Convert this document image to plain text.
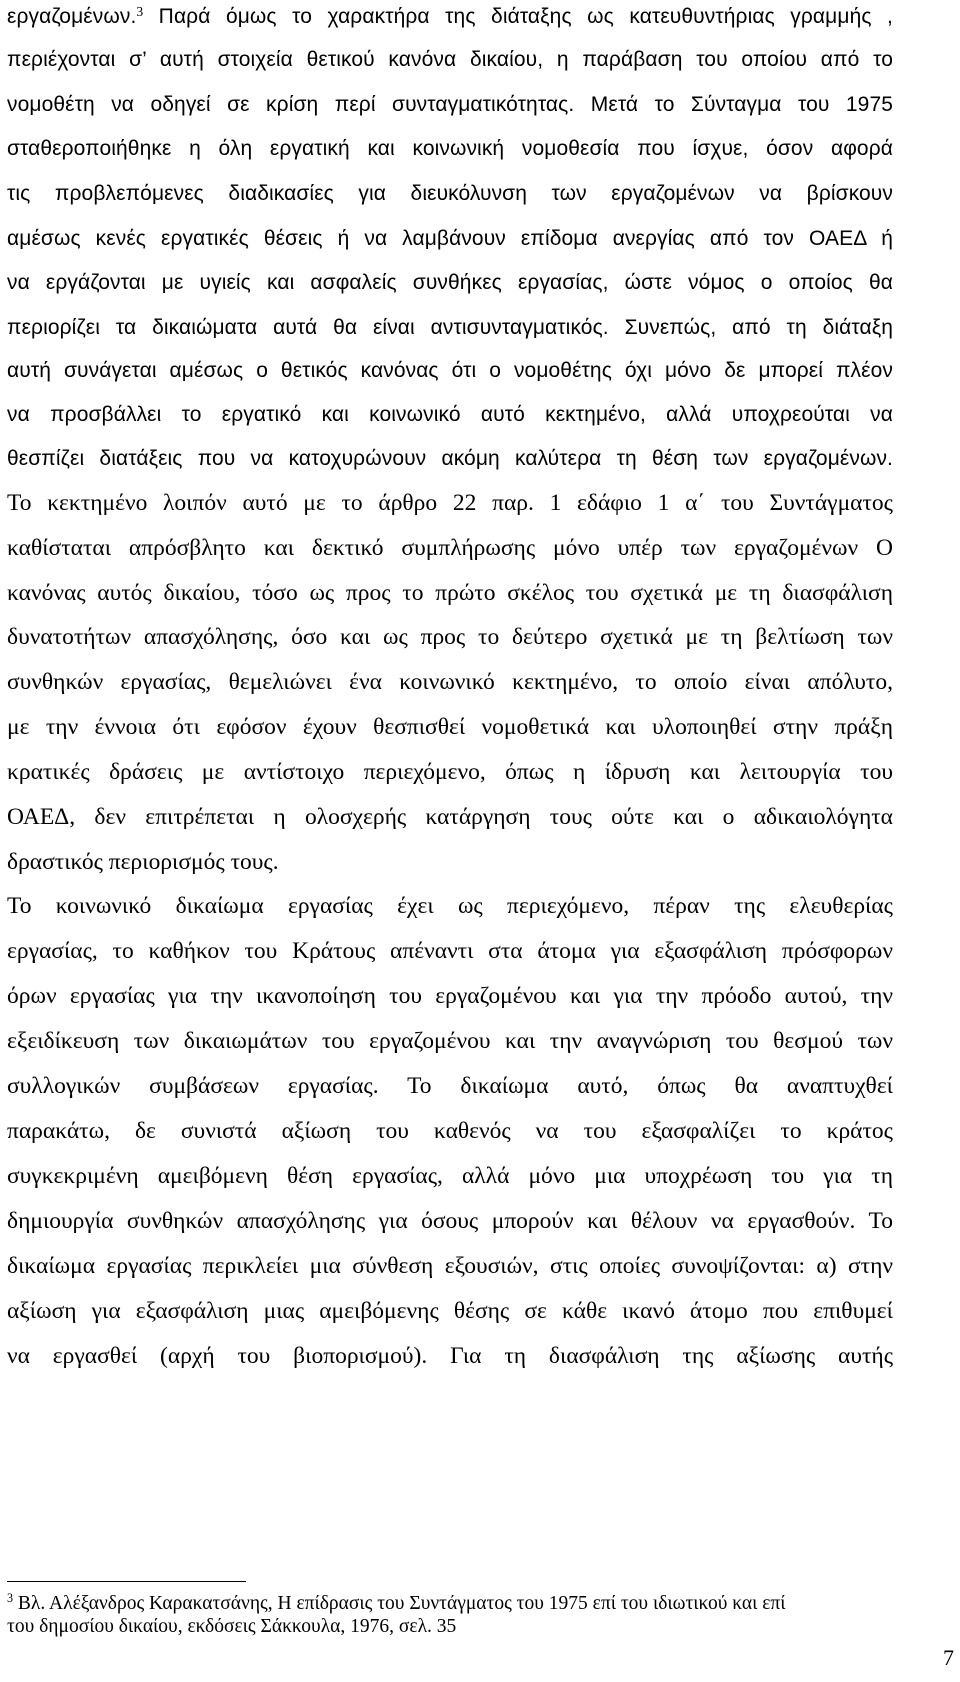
εργαζομένων.$^3$ Παρά όμως το χαρακτήρα της διάταξης ως κατευθυντήριας γραμμής ,
περιέχονται σ’ αυτή στοιχεία θετικού κανόνα δικαίου, η παράβαση του οποίου από το
νομοθέτη να οδηγεί σε κρίση περί συνταγματικότητας. Μετά το Σύνταγμα του 1975
σταθεροποιήθηκε η όλη εργατική και κοινωνική νομοθεσία που ίσχυε, όσον αφορά
τις προβλεπόμενες διαδικασίες για διευκόλυνση των εργαζομένων να βρίσκουν
αμέσως κενές εργατικές θέσεις ή να λαμβάνουν επίδομα ανεργίας από τον ΟΑΕΔ ή
να εργάζονται με υγιείς και ασφαλείς συνθήκες εργασίας, ώστε νόμος ο οποίος θα
περιορίζει τα δικαιώματα αυτά θα είναι αντισυνταγματικός. Συνεπώς, από τη διάταξη
αυτή συνάγεται αμέσως ο θετικός κανόνας ότι ο νομοθέτης όχι μόνο δε μπορεί πλέον
να προσβάλλει το εργατικό και κοινωνικό αυτό κεκτημένο, αλλά υποχρεούται να
θεσπίζει διατάξεις που να κατοχυρώνουν ακόμη καλύτερα τη θέση των εργαζομένων.
Το κεκτημένο λοιπόν αυτό με το άρθρο 22 παρ. 1 εδάφιο 1 α΄ του Συντάγματος
καθίσταται απρόσβλητο και δεκτικό συμπλήρωσης μόνο υπέρ των εργαζομένων Ο
κανόνας αυτός δικαίου, τόσο ως προς το πρώτο σκέλος του σχετικά με τη διασφάλιση
δυνατοτήτων απασχόλησης, όσο και ως προς το δεύτερο σχετικά με τη βελτίωση των
συνθηκών εργασίας, θεμελιώνει ένα κοινωνικό κεκτημένο, το οποίο είναι απόλυτο,
με την έννοια ότι εφόσον έχουν θεσπισθεί νομοθετικά και υλοποιηθεί στην πράξη
κρατικές δράσεις με αντίστοιχο περιεχόμενο, όπως η ίδρυση και λειτουργία του
ΟΑΕΔ, δεν επιτρέπεται η ολοσχερής κατάργηση τους ούτε και ο αδικαιολόγητα
δραστικός περιορισμός τους.
Το κοινωνικό δικαίωμα εργασίας έχει ως περιεχόμενο, πέραν της ελευθερίας
εργασίας, το καθήκον του Κράτους απέναντι στα άτομα για εξασφάλιση πρόσφορων
όρων εργασίας για την ικανοποίηση του εργαζομένου και για την πρόοδο αυτού, την
εξειδίκευση των δικαιωμάτων του εργαζομένου και την αναγνώριση του θεσμού των
συλλογικών συμβάσεων εργασίας. Το δικαίωμα αυτό, όπως θα αναπτυχθεί
παρακάτω, δε συνιστά αξίωση του καθενός να του εξασφαλίζει το κράτος
συγκεκριμένη αμειβόμενη θέση εργασίας, αλλά μόνο μια υποχρέωση του για τη
δημιουργία συνθηκών απασχόλησης για όσους μπορούν και θέλουν να εργασθούν. Το
δικαίωμα εργασίας περικλείει μια σύνθεση εξουσιών, στις οποίες συνοψίζονται: α) στην
αξίωση για εξασφάλιση μιας αμειβόμενης θέσης σε κάθε ικανό άτομο που επιθυμεί
να εργασθεί (αρχή του βιοπορισμού). Για τη διασφάλιση της αξίωσης αυτής
$^3$ Βλ. Αλέξανδρος Καρακατσάνης, Η επίδρασις του Συντάγματος του 1975 επί του ιδιωτικού και επί
του δημοσίου δικαίου, εκδόσεις Σάκκουλα, 1976, σελ. 35
7
